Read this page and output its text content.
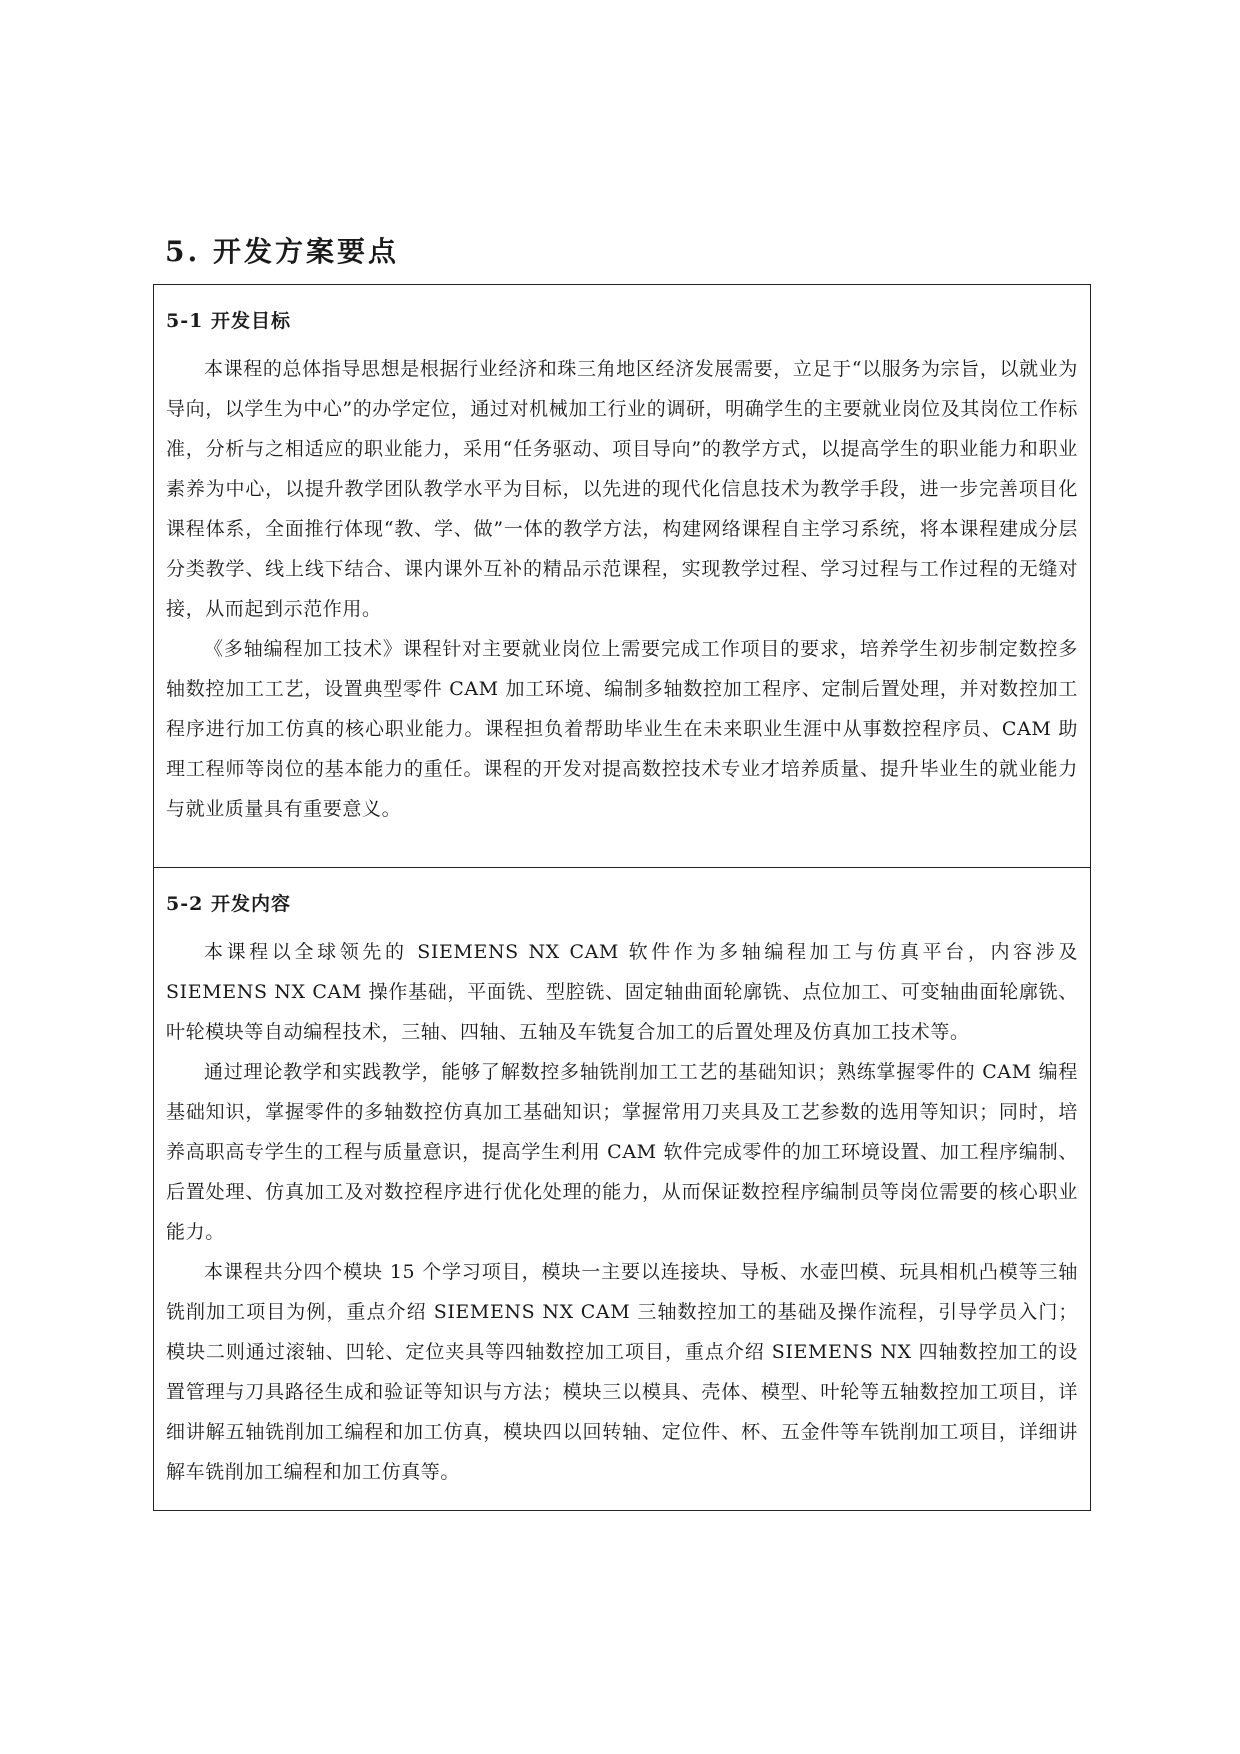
5. 开发方案要点
5-1 开发目标

本课程的总体指导思想是根据行业经济和珠三角地区经济发展需要，立足于“以服务为宗旨，以就业为导向，以学生为中心”的办学定位，通过对机械加工行业的调研，明确学生的主要就业岗位及其岗位工作标准，分析与之相适应的职业能力，采用“任务驱动、项目导向”的教学方式，以提高学生的职业能力和职业素养为中心，以提升教学团队教学水平为目标，以先进的现代化信息技术为教学手段，进一步完善项目化课程体系，全面推行体现“教、学、做”一体的教学方法，构建网络课程自主学习系统，将本课程建成分层分类教学、线上线下结合、课内课外互补的精品示范课程，实现教学过程、学习过程与工作过程的无缝对接，从而起到示范作用。

《多轴编程加工技术》课程针对主要就业岗位上需要完成工作项目的要求，培养学生初步制定数控多轴数控加工工艺，设置典型零件 CAM 加工环境、编制多轴数控加工程序、定制后置处理，并对数控加工程序进行加工仿真的核心职业能力。课程担负着帮助毕业生在未来职业生涯中从事数控程序员、CAM 助理工程师等岗位的基本能力的重任。课程的开发对提高数控技术专业才培养质量、提升毕业生的就业能力与就业质量具有重要意义。

5-2 开发内容

本课程以全球领先的 SIEMENS NX CAM 软件作为多轴编程加工与仿真平台，内容涉及 SIEMENS NX CAM 操作基础，平面铣、型腔铣、固定轴曲面轮廓铣、点位加工、可变轴曲面轮廓铣、叶轮模块等自动编程技术，三轴、四轴、五轴及车铣复合加工的后置处理及仿真加工技术等。

通过理论教学和实践教学，能够了解数控多轴铣削加工工艺的基础知识；熟练掌握零件的 CAM 编程基础知识，掌握零件的多轴数控仿真加工基础知识；掌握常用刀夹具及工艺参数的选用等知识；同时，培养高职高专学生的工程与质量意识，提高学生利用 CAM 软件完成零件的加工环境设置、加工程序编制、后置处理、仿真加工及对数控程序进行优化处理的能力，从而保证数控程序编制员等岗位需要的核心职业能力。

本课程共分四个模块 15 个学习项目，模块一主要以连接块、导板、水壶凹模、玩具相机凸模等三轴铣削加工项目为例，重点介绍 SIEMENS NX CAM 三轴数控加工的基础及操作流程，引导学员入门；模块二则通过滚轴、凹轮、定位夹具等四轴数控加工项目，重点介绍 SIEMENS NX 四轴数控加工的设置管理与刀具路径生成和验证等知识与方法；模块三以模具、壳体、模型、叶轮等五轴数控加工项目，详细讲解五轴铣削加工编程和加工仿真，模块四以回转轴、定位件、杯、五金件等车铣削加工项目，详细讲解车铣削加工编程和加工仿真等。
